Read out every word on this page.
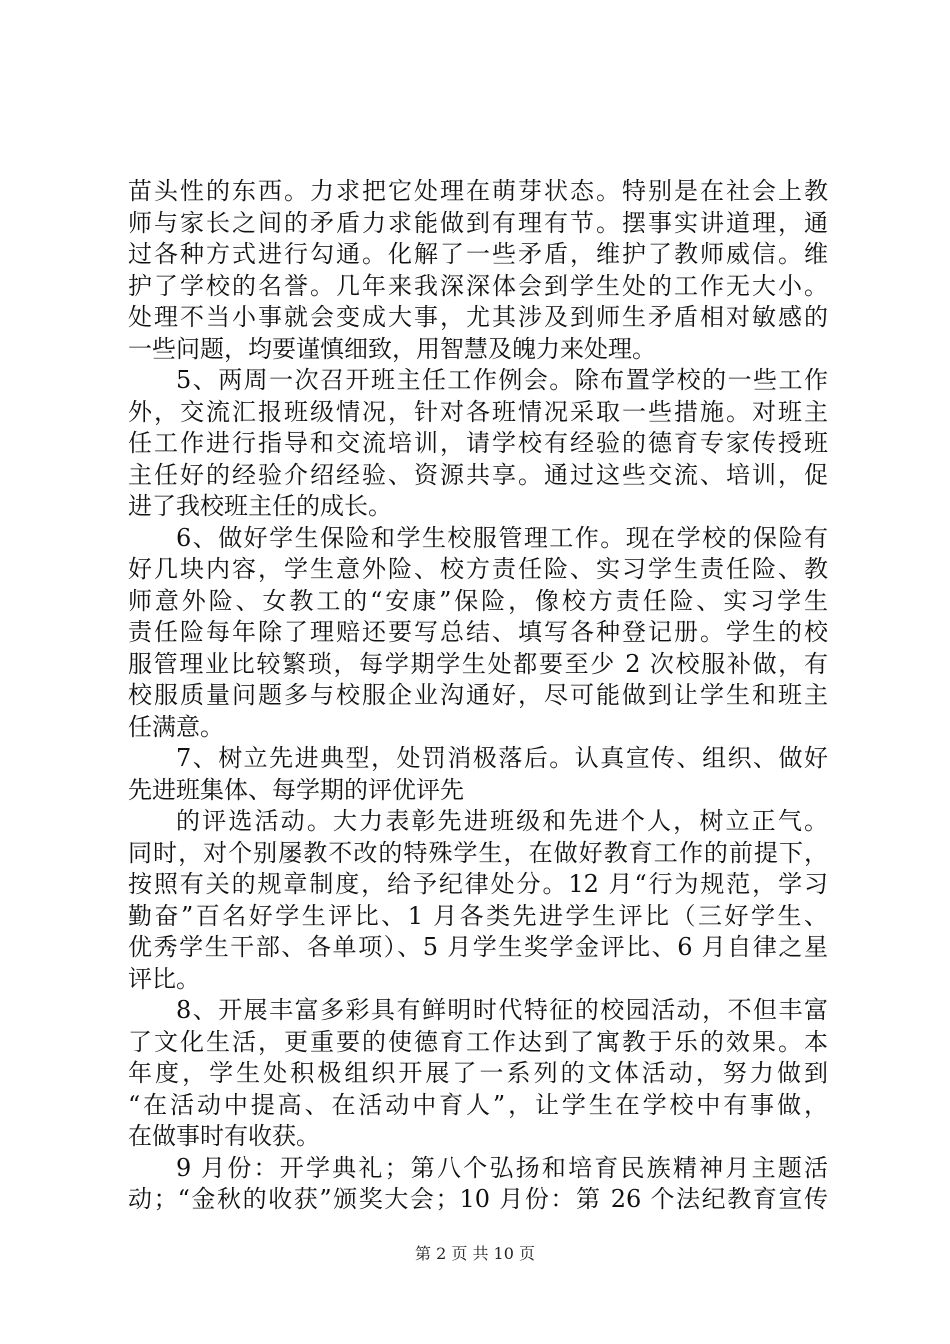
苗头性的东西。力求把它处理在萌芽状态。特别是在社会上教
师与家长之间的矛盾力求能做到有理有节。摆事实讲道理，通
过各种方式进行勾通。化解了一些矛盾，维护了教师威信。维
护了学校的名誉。几年来我深深体会到学生处的工作无大小。
处理不当小事就会变成大事，尤其涉及到师生矛盾相对敏感的
一些问题，均要谨慎细致，用智慧及魄力来处理。
5、两周一次召开班主任工作例会。除布置学校的一些工作
外，交流汇报班级情况，针对各班情况采取一些措施。对班主
任工作进行指导和交流培训，请学校有经验的德育专家传授班
主任好的经验介绍经验、资源共享。通过这些交流、培训，促
进了我校班主任的成长。
6、做好学生保险和学生校服管理工作。现在学校的保险有
好几块内容，学生意外险、校方责任险、实习学生责任险、教
师意外险、女教工的“安康”保险，像校方责任险、实习学生
责任险每年除了理赔还要写总结、填写各种登记册。学生的校
服管理业比较繁琐，每学期学生处都要至少 2 次校服补做，有
校服质量问题多与校服企业沟通好，尽可能做到让学生和班主
任满意。
7、树立先进典型，处罚消极落后。认真宣传、组织、做好
先进班集体、每学期的评优评先
的评选活动。大力表彰先进班级和先进个人，树立正气。
同时，对个别屡教不改的特殊学生，在做好教育工作的前提下，
按照有关的规章制度，给予纪律处分。12 月“行为规范，学习
勤奋”百名好学生评比、1 月各类先进学生评比（三好学生、
优秀学生干部、各单项）、5 月学生奖学金评比、6 月自律之星
评比。
8、开展丰富多彩具有鲜明时代特征的校园活动，不但丰富
了文化生活，更重要的使德育工作达到了寓教于乐的效果。本
年度，学生处积极组织开展了一系列的文体活动，努力做到
“在活动中提高、在活动中育人”，让学生在学校中有事做，
在做事时有收获。
9 月份：开学典礼；第八个弘扬和培育民族精神月主题活
动；“金秋的收获”颁奖大会；10 月份：第 26 个法纪教育宣传
第 2 页 共 10 页
